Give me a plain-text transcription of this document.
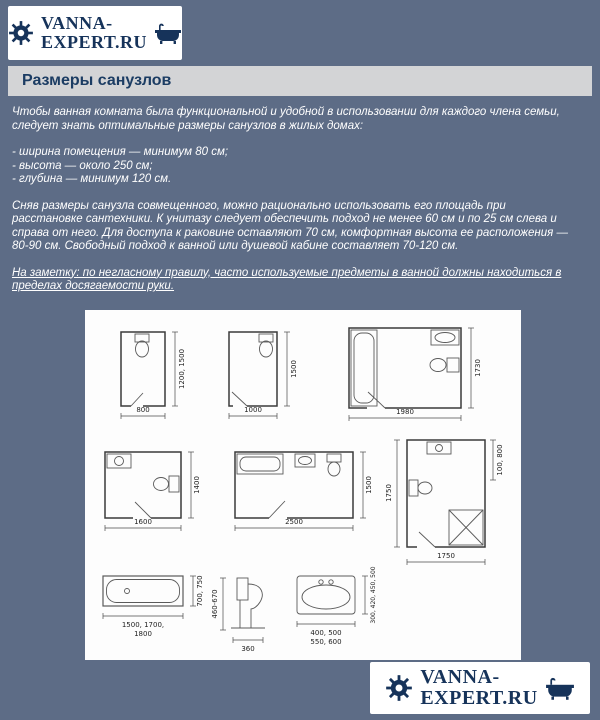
VANNA-
EXPERT.RU
Размеры санузлов

Чтобы ванная комната была функциональной и удобной в использовании для каждого члена семьи, следует знать оптимальные размеры санузлов в жилых домах:

- ширина помещения — минимум 80 см;
- высота — около 250 см;
- глубина — минимум 120 см.

Сняв размеры санузла совмещенного, можно рационально использовать его площадь при расстановке сантехники. К унитазу следует обеспечить подход не менее 60 см и по 25 см слева и справа от него. Для доступа к раковине оставляют 70 см, комфортная высота ее расположения — 80-90 см. Свободный подход к ванной или душевой кабине составляет 70-120 см.

На заметку: по негласному правилу, часто используемые предметы в ванной должны находиться в пределах досягаемости руки.

800
1200, 1500
1000
1500
1980
1730
1600
1400
2500
1500 1750
100, 800
1750
1500, 1700,
1800
700, 750 460-670
360
400, 500
550, 600
300, 420, 450, 500
VANNA-
EXPERT.RU
